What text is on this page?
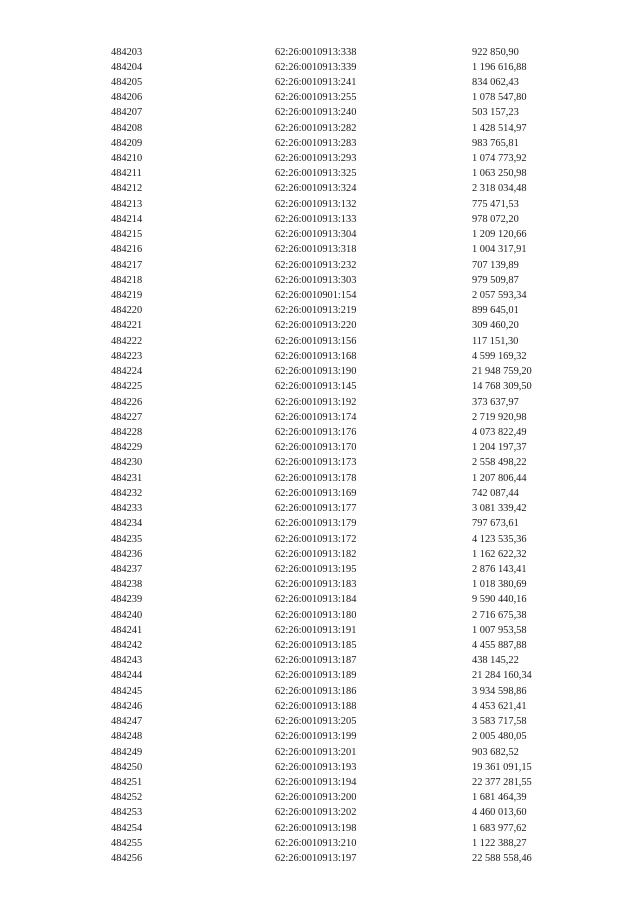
484203	62:26:0010913:338	922 850,90
484204	62:26:0010913:339	1 196 616,88
484205	62:26:0010913:241	834 062,43
484206	62:26:0010913:255	1 078 547,80
484207	62:26:0010913:240	503 157,23
484208	62:26:0010913:282	1 428 514,97
484209	62:26:0010913:283	983 765,81
484210	62:26:0010913:293	1 074 773,92
484211	62:26:0010913:325	1 063 250,98
484212	62:26:0010913:324	2 318 034,48
484213	62:26:0010913:132	775 471,53
484214	62:26:0010913:133	978 072,20
484215	62:26:0010913:304	1 209 120,66
484216	62:26:0010913:318	1 004 317,91
484217	62:26:0010913:232	707 139,89
484218	62:26:0010913:303	979 509,87
484219	62:26:0010901:154	2 057 593,34
484220	62:26:0010913:219	899 645,01
484221	62:26:0010913:220	309 460,20
484222	62:26:0010913:156	117 151,30
484223	62:26:0010913:168	4 599 169,32
484224	62:26:0010913:190	21 948 759,20
484225	62:26:0010913:145	14 768 309,50
484226	62:26:0010913:192	373 637,97
484227	62:26:0010913:174	2 719 920,98
484228	62:26:0010913:176	4 073 822,49
484229	62:26:0010913:170	1 204 197,37
484230	62:26:0010913:173	2 558 498,22
484231	62:26:0010913:178	1 207 806,44
484232	62:26:0010913:169	742 087,44
484233	62:26:0010913:177	3 081 339,42
484234	62:26:0010913:179	797 673,61
484235	62:26:0010913:172	4 123 535,36
484236	62:26:0010913:182	1 162 622,32
484237	62:26:0010913:195	2 876 143,41
484238	62:26:0010913:183	1 018 380,69
484239	62:26:0010913:184	9 590 440,16
484240	62:26:0010913:180	2 716 675,38
484241	62:26:0010913:191	1 007 953,58
484242	62:26:0010913:185	4 455 887,88
484243	62:26:0010913:187	438 145,22
484244	62:26:0010913:189	21 284 160,34
484245	62:26:0010913:186	3 934 598,86
484246	62:26:0010913:188	4 453 621,41
484247	62:26:0010913:205	3 583 717,58
484248	62:26:0010913:199	2 005 480,05
484249	62:26:0010913:201	903 682,52
484250	62:26:0010913:193	19 361 091,15
484251	62:26:0010913:194	22 377 281,55
484252	62:26:0010913:200	1 681 464,39
484253	62:26:0010913:202	4 460 013,60
484254	62:26:0010913:198	1 683 977,62
484255	62:26:0010913:210	1 122 388,27
484256	62:26:0010913:197	22 588 558,46
